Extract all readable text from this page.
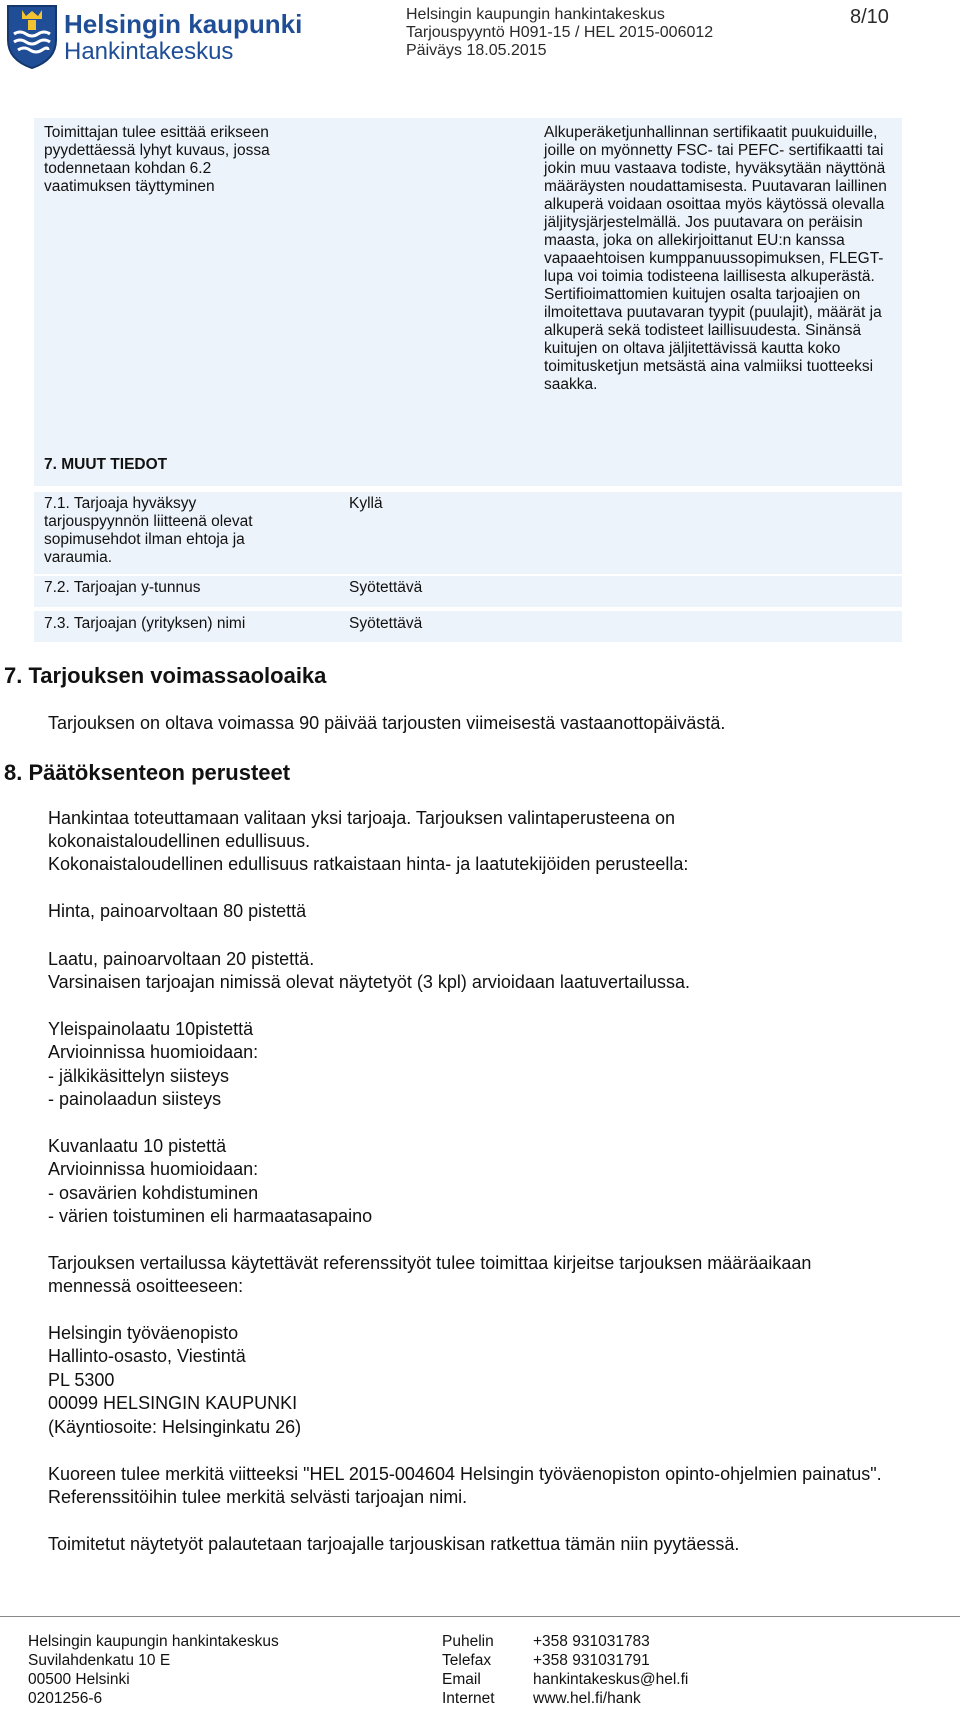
Helsingin kaupunki
Hankintakeskus
Helsingin kaupungin hankintakeskus
Tarjouspyyntö H091-15 / HEL 2015-006012
Päiväys 18.05.2015
8/10
Toimittajan tulee esittää erikseen pyydettäessä lyhyt kuvaus, jossa todennetaan kohdan 6.2 vaatimuksen täyttyminen
Alkuperäketjunhallinnan sertifikaatit puukuiduille, joille on myönnetty FSC- tai PEFC- sertifikaatti tai jokin muu vastaava todiste, hyväksytään näyttönä määräysten noudattamisesta. Puutavaran laillinen alkuperä voidaan osoittaa myös käytössä olevalla jäljitysjärjestelmällä. Jos puutavara on peräisin maasta, joka on allekirjoittanut EU:n kanssa vapaaehtoisen kumppanuussopimuksen, FLEGT-lupa voi toimia todisteena laillisesta alkuperästä. Sertifioimattomien kuitujen osalta tarjoajien on ilmoitettava puutavaran tyypit (puulajit), määrät ja alkuperä sekä todisteet laillisuudesta. Sinänsä kuitujen on oltava jäljitettävissä kautta koko toimitusketjun metsästä aina valmiiksi tuotteeksi saakka.
7. MUUT TIEDOT
7.1. Tarjoaja hyväksyy tarjouspyynnön liitteenä olevat sopimusehdot ilman ehtoja ja varaumia.
Kyllä
7.2. Tarjoajan y-tunnus	Syötettävä
7.3. Tarjoajan (yrityksen) nimi	Syötettävä
7. Tarjouksen voimassaoloaika
Tarjouksen on oltava voimassa 90 päivää tarjousten viimeisestä vastaanottopäivästä.
8. Päätöksenteon perusteet
Hankintaa toteuttamaan valitaan yksi tarjoaja. Tarjouksen valintaperusteena on kokonaistaloudellinen edullisuus.
Kokonaistaloudellinen edullisuus ratkaistaan hinta- ja laatutekijöiden perusteella:
Hinta, painoarvoltaan 80 pistettä
Laatu, painoarvoltaan 20 pistettä.
Varsinaisen tarjoajan nimissä olevat näytetyöt (3 kpl) arvioidaan laatuvertailussa.
Yleispainolaatu 10pistettä
Arvioinnissa huomioidaan:
- jälkikäsittelyn siisteys
- painolaadun siisteys
Kuvanlaatu 10 pistettä
Arvioinnissa huomioidaan:
- osavärien kohdistuminen
- värien toistuminen eli harmaatasapaino
Tarjouksen vertailussa käytettävät referenssityöt tulee toimittaa kirjeitse tarjouksen määräaikaan mennessä osoitteeseen:
Helsingin työväenopisto
Hallinto-osasto, Viestintä
PL 5300
00099 HELSINGIN KAUPUNKI
(Käyntiosoite: Helsinginkatu 26)
Kuoreen tulee merkitä viitteeksi "HEL 2015-004604 Helsingin työväenopiston opinto-ohjelmien painatus". Referenssitöihin tulee merkitä selvästi tarjoajan nimi.
Toimitetut näytetyöt palautetaan tarjoajalle tarjouskisan ratkettua tämän niin pyytäessä.
Helsingin kaupungin hankintakeskus
Suvilahdenkatu 10 E
00500 Helsinki
0201256-6
Puhelin
Telefax
Email
Internet
+358 931031783
+358 931031791
hankintakeskus@hel.fi
www.hel.fi/hank
